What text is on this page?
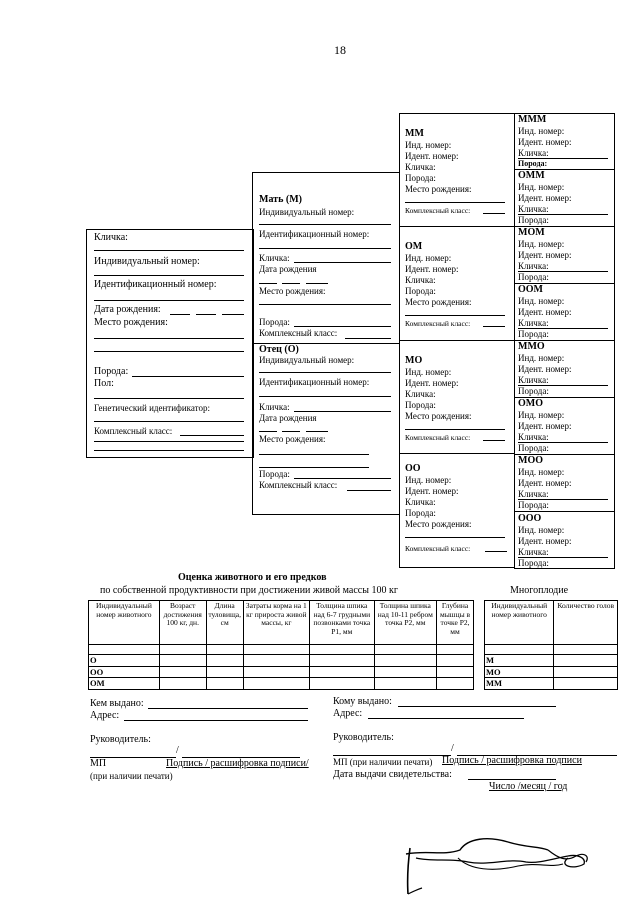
18
Кличка:
Индивидуальный номер:
Идентификационный номер:
Дата рождения:
Место рождения:
Порода:
Пол:
Генетический идентификатор:
Комплексный класс:
Мать (М)
Индивидуальный номер:
Идентификационный номер:
Кличка:
Дата рождения
Место рождения:
Порода:
Комплексный класс:
Отец (О)
Индивидуальный номер:
Идентификационный номер:
Кличка:
Дата рождения
Место рождения:
Порода:
Комплексный класс:
ММ
Инд. номер:
Идент. номер:
Кличка:
Порода:
Место рождения:
Комплексный класс:
ОМ
Инд. номер:
Идент. номер:
Кличка:
Порода:
Место рождения:
Комплексный класс:
МО
Инд. номер:
Идент. номер:
Кличка:
Порода:
Место рождения:
Комплексный класс:
ОО
Инд. номер:
Идент. номер:
Кличка:
Порода:
Место рождения:
Комплексный класс:
МММ
Инд. номер:
Идент. номер:
Кличка:
Порода:
ОММ
Инд. номер:
Идент. номер:
Кличка:
Порода:
МОМ
Инд. номер:
Идент. номер:
Кличка:
Порода:
ООМ
Инд. номер:
Идент. номер:
Кличка:
Порода:
ММО
Инд. номер:
Идент. номер:
Кличка:
Порода:
ОМО
Инд. номер:
Идент. номер:
Кличка:
Порода:
МОО
Инд. номер:
Идент. номер:
Кличка:
Порода:
ООО
Инд. номер:
Идент. номер:
Кличка:
Порода:
Оценка животного и его предков
по собственной продуктивности при достижении живой массы 100 кг	Многоплодие
Индивидуальный номер животного	Возраст достижения 100 кг, дн.	Длина туловища, см	Затраты корма на 1 кг прироста живой массы, кг	Толщина шпика над 6-7 грудными позвонками точка Р1, мм	Толщина шпика над 10-11 ребром точка Р2, мм	Глубина мышцы в точке Р2, мм

О						
ОО						
ОМ						
Индивидуальный номер животного	Количество голов

М	
МО	
ММ	
Кем выдано:
Адрес:
Кому выдано:
Адрес:
Руководитель:
/
МП	Подпись / расшифровка подписи/
(при наличии печати)
Руководитель:
/
МП (при наличии печати) Подпись / расшифровка подписи
Дата выдачи свидетельства:
Число /месяц / год
